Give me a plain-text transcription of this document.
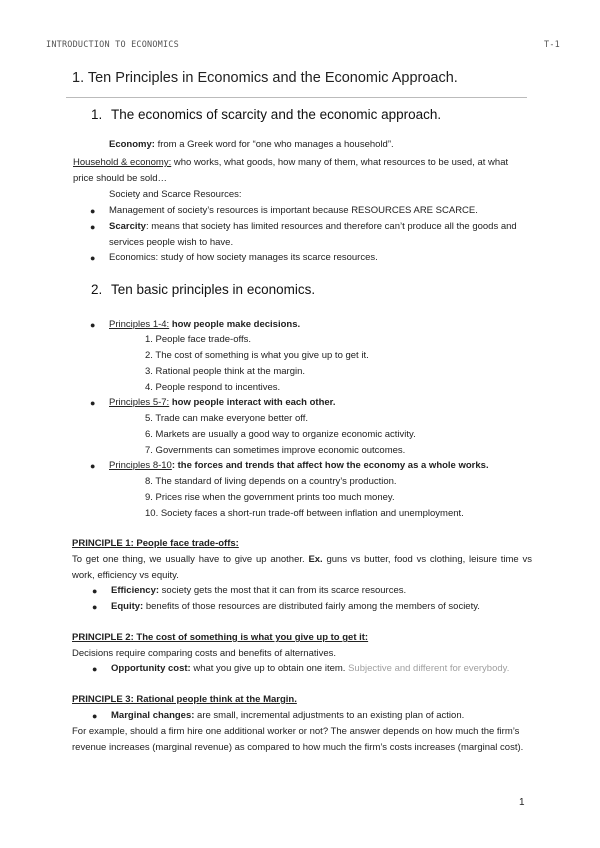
INTRODUCTION TO ECONOMICS	T-1
1. Ten Principles in Economics and the Economic Approach.
1. The economics of scarcity and the economic approach.
Economy: from a Greek word for “one who manages a household”.
Household & economy: who works, what goods, how many of them, what resources to be used, at what
price should be sold…
Society and Scarce Resources:
● Management of society’s resources is important because RESOURCES ARE SCARCE.
● Scarcity: means that society has limited resources and therefore can’t produce all the goods and
services people wish to have.
● Economics: study of how society manages its scarce resources.
2. Ten basic principles in economics.
● Principles 1-4: how people make decisions.
1. People face trade-offs.
2. The cost of something is what you give up to get it.
3. Rational people think at the margin.
4. People respond to incentives.
● Principles 5-7: how people interact with each other.
5. Trade can make everyone better off.
6. Markets are usually a good way to organize economic activity.
7. Governments can sometimes improve economic outcomes.
● Principles 8-10: the forces and trends that affect how the economy as a whole works.
8. The standard of living depends on a country’s production.
9. Prices rise when the government prints too much money.
10. Society faces a short-run trade-off between inflation and unemployment.
PRINCIPLE 1: People face trade-offs:
To get one thing, we usually have to give up another. Ex. guns vs butter, food vs clothing, leisure time vs
work, efficiency vs equity.
● Efficiency: society gets the most that it can from its scarce resources.
● Equity: benefits of those resources are distributed fairly among the members of society.
PRINCIPLE 2: The cost of something is what you give up to get it:
Decisions require comparing costs and benefits of alternatives.
● Opportunity cost: what you give up to obtain one item. Subjective and different for everybody.
PRINCIPLE 3: Rational people think at the Margin.
● Marginal changes: are small, incremental adjustments to an existing plan of action.
For example, should a firm hire one additional worker or not? The answer depends on how much the firm’s
revenue increases (marginal revenue) as compared to how much the firm’s costs increases (marginal cost).
1
